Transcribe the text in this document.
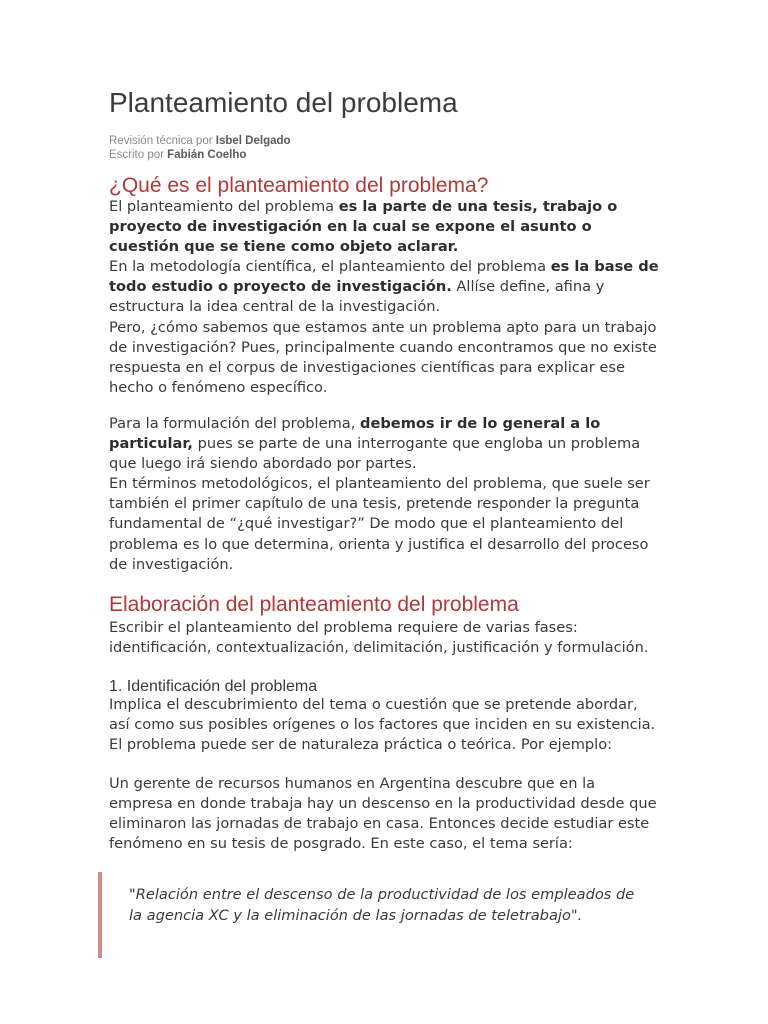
Planteamiento del problema
Revisión técnica por Isbel Delgado
Escrito por Fabián Coelho
¿Qué es el planteamiento del problema?

El planteamiento del problema es la parte de una tesis, trabajo o proyecto de investigación en la cual se expone el asunto o cuestión que se tiene como objeto aclarar.
En la metodología científica, el planteamiento del problema es la base de todo estudio o proyecto de investigación. Allíse define, afina y estructura la idea central de la investigación.
Pero, ¿cómo sabemos que estamos ante un problema apto para un trabajo de investigación? Pues, principalmente cuando encontramos que no existe respuesta en el corpus de investigaciones científicas para explicar ese hecho o fenómeno específico.

Para la formulación del problema, debemos ir de lo general a lo particular, pues se parte de una interrogante que engloba un problema que luego irá siendo abordado por partes.
En términos metodológicos, el planteamiento del problema, que suele ser también el primer capítulo de una tesis, pretende responder la pregunta fundamental de “¿qué investigar?” De modo que el planteamiento del problema es lo que determina, orienta y justifica el desarrollo del proceso de investigación.

Elaboración del planteamiento del problema

Escribir el planteamiento del problema requiere de varias fases: identificación, contextualización, delimitación, justificación y formulación.

1. Identificación del problema

Implica el descubrimiento del tema o cuestión que se pretende abordar, así como sus posibles orígenes o los factores que inciden en su existencia. El problema puede ser de naturaleza práctica o teórica. Por ejemplo:

Un gerente de recursos humanos en Argentina descubre que en la empresa en donde trabaja hay un descenso en la productividad desde que eliminaron las jornadas de trabajo en casa. Entonces decide estudiar este fenómeno en su tesis de posgrado. En este caso, el tema sería:

"Relación entre el descenso de la productividad de los empleados de la agencia XC y la eliminación de las jornadas de teletrabajo".
